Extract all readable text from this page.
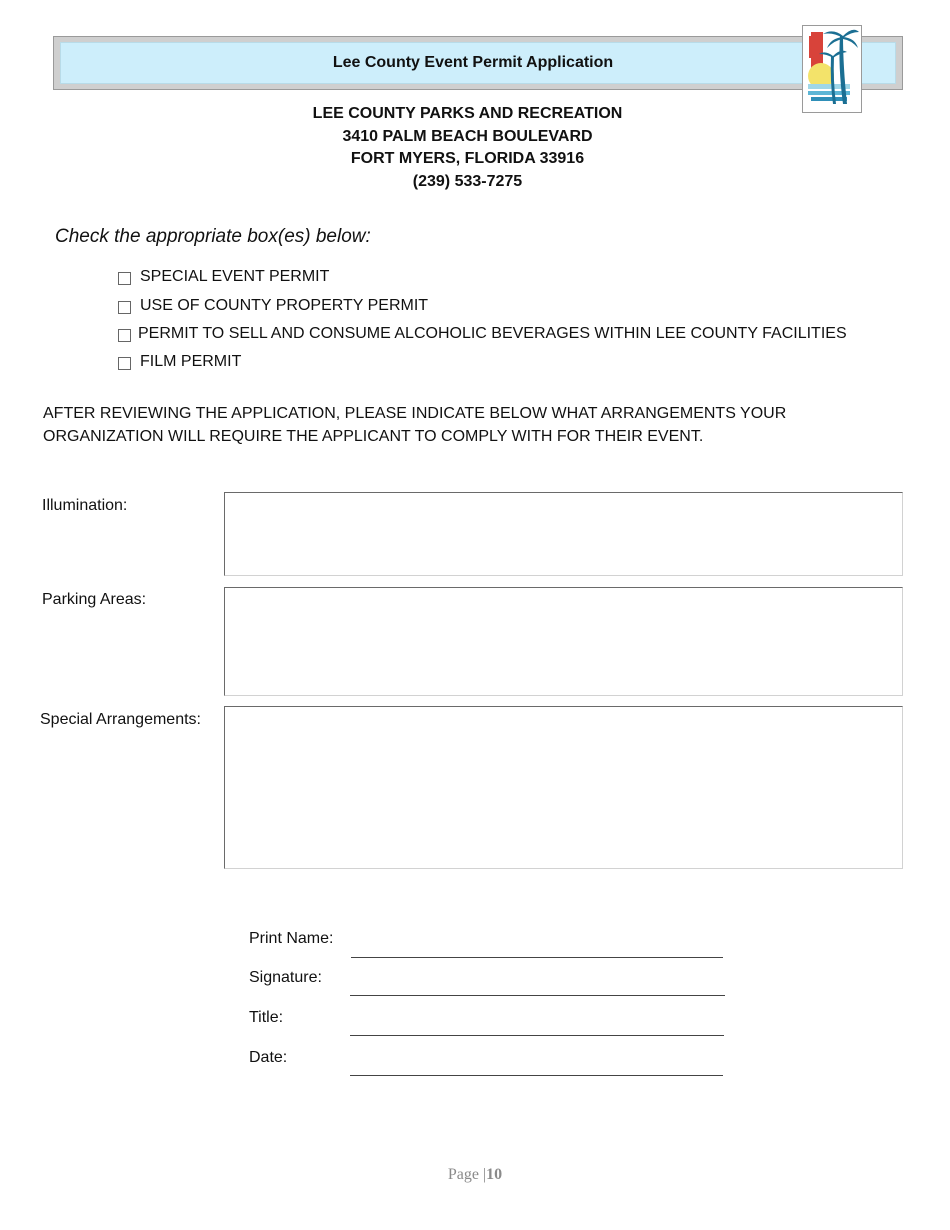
Lee County Event Permit Application
LEE COUNTY PARKS AND RECREATION
3410 PALM BEACH BOULEVARD
FORT MYERS, FLORIDA 33916
(239) 533-7275
Check the appropriate box(es) below:
SPECIAL EVENT PERMIT
USE OF COUNTY PROPERTY PERMIT
PERMIT TO SELL AND CONSUME ALCOHOLIC BEVERAGES WITHIN LEE COUNTY FACILITIES
FILM PERMIT
AFTER REVIEWING THE APPLICATION, PLEASE INDICATE BELOW WHAT ARRANGEMENTS YOUR ORGANIZATION WILL REQUIRE THE APPLICANT TO COMPLY WITH FOR THEIR EVENT.
Illumination:
Parking Areas:
Special Arrangements:
Print Name:
Signature:
Title:
Date:
Page |10
